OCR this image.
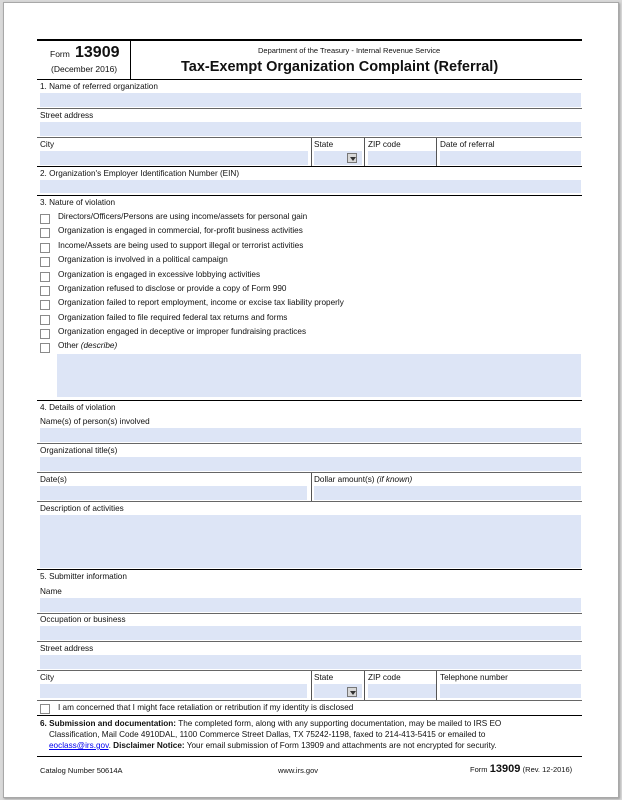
Form 13909
(December 2016)
Department of the Treasury - Internal Revenue Service
Tax-Exempt Organization Complaint (Referral)
1. Name of referred organization
Street address
City	State	ZIP code	Date of referral
2. Organization's Employer Identification Number (EIN)
3. Nature of violation
Directors/Officers/Persons are using income/assets for personal gain
Organization is engaged in commercial, for-profit business activities
Income/Assets are being used to support illegal or terrorist activities
Organization is involved in a political campaign
Organization is engaged in excessive lobbying activities
Organization refused to disclose or provide a copy of Form 990
Organization failed to report employment, income or excise tax liability properly
Organization failed to file required federal tax returns and forms
Organization engaged in deceptive or improper fundraising practices
Other (describe)
4. Details of violation
Name(s) of person(s) involved
Organizational title(s)
Date(s)	Dollar amount(s) (if known)
Description of activities
5. Submitter information
Name
Occupation or business
Street address
City	State	ZIP code	Telephone number
I am concerned that I might face retaliation or retribution if my identity is disclosed
6. Submission and documentation: The completed form, along with any supporting documentation, may be mailed to IRS EO
Classification, Mail Code 4910DAL, 1100 Commerce Street Dallas, TX 75242-1198, faxed to 214-413-5415 or emailed to
eoclass@irs.gov. Disclaimer Notice: Your email submission of Form 13909 and attachments are not encrypted for security.
Catalog Number 50614A	www.irs.gov	Form 13909 (Rev. 12-2016)
